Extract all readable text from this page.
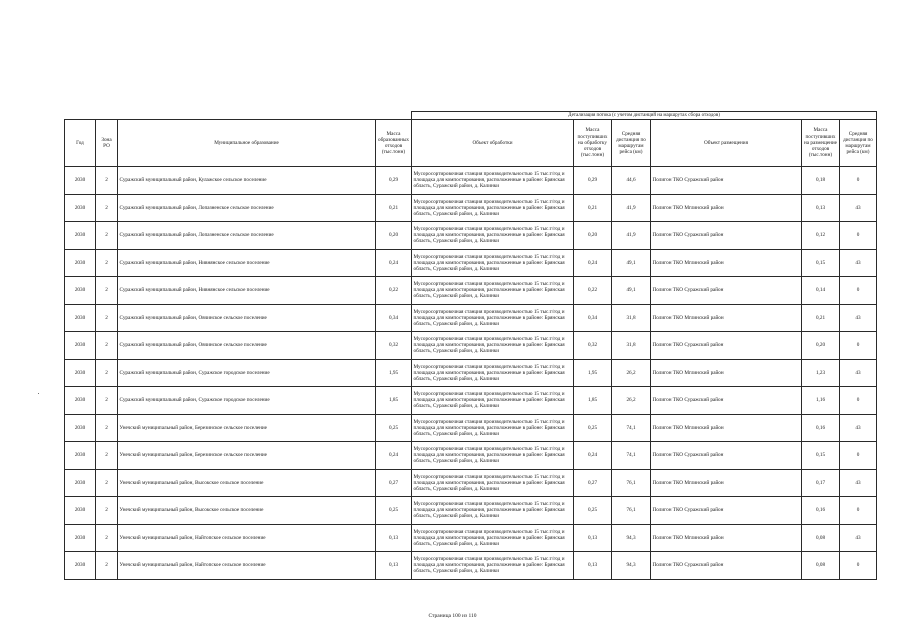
				Детализация потока (с учетом дистанций на маршрутах сбора отходов)					
Год	Зона РО	Муниципальное образование	Масса образованных отходов (тыс.тонн)	Объект обработки	Масса поступивших на обработку отходов (тыс.тонн)	Средняя дистанция по маршрутам рейса (км)	Объект размещения	Масса поступивших на размещение отходов (тыс.тонн)	Средняя дистанция по маршрутам рейса (км)
2030	2	Суражский муниципальный район, Кулажское сельское поселение	0,29	Мусоросортировочная станция производительностью 15 тыс.т/год и площадка для компостирования, расположенные в районе: Брянская область, Суражский район, д. Калинки	0,29	44,6	Полигон ТКО Суражский район	0,18	0
2030	2	Суражский муниципальный район, Лопазненское сельское поселение	0,21	Мусоросортировочная станция производительностью 15 тыс.т/год и площадка для компостирования, расположенные в районе: Брянская область, Суражский район, д. Калинки	0,21	41,9	Полигон ТКО Мглинский район	0,13	43
2030	2	Суражский муниципальный район, Лопазненское сельское поселение	0,20	Мусоросортировочная станция производительностью 15 тыс.т/год и площадка для компостирования, расположенные в районе: Брянская область, Суражский район, д. Калинки	0,20	41,9	Полигон ТКО Суражский район	0,12	0
2030	2	Суражский муниципальный район, Нивнянское сельское поселение	0,24	Мусоросортировочная станция производительностью 15 тыс.т/год и площадка для компостирования, расположенные в районе: Брянская область, Суражский район, д. Калинки	0,24	49,1	Полигон ТКО Мглинский район	0,15	43
2030	2	Суражский муниципальный район, Нивнянское сельское поселение	0,22	Мусоросортировочная станция производительностью 15 тыс.т/год и площадка для компостирования, расположенные в районе: Брянская область, Суражский район, д. Калинки	0,22	49,1	Полигон ТКО Суражский район	0,14	0
2030	2	Суражский муниципальный район, Овчинское сельское поселение	0,34	Мусоросортировочная станция производительностью 15 тыс.т/год и площадка для компостирования, расположенные в районе: Брянская область, Суражский район, д. Калинки	0,34	31,8	Полигон ТКО Мглинский район	0,21	43
2030	2	Суражский муниципальный район, Овчинское сельское поселение	0,32	Мусоросортировочная станция производительностью 15 тыс.т/год и площадка для компостирования, расположенные в районе: Брянская область, Суражский район, д. Калинки	0,32	31,8	Полигон ТКО Суражский район	0,20	0
2030	2	Суражский муниципальный район, Суражское городское поселение	1,95	Мусоросортировочная станция производительностью 15 тыс.т/год и площадка для компостирования, расположенные в районе: Брянская область, Суражский район, д. Калинки	1,95	26,2	Полигон ТКО Мглинский район	1,23	43
2030	2	Суражский муниципальный район, Суражское городское поселение	1,85	Мусоросортировочная станция производительностью 15 тыс.т/год и площадка для компостирования, расположенные в районе: Брянская область, Суражский район, д. Калинки	1,85	26,2	Полигон ТКО Суражский район	1,16	0
2030	2	Унечский муниципальный район, Березинское сельское поселение	0,25	Мусоросортировочная станция производительностью 15 тыс.т/год и площадка для компостирования, расположенные в районе: Брянская область, Суражский район, д. Калинки	0,25	74,1	Полигон ТКО Мглинский район	0,16	43
2030	2	Унечский муниципальный район, Березинское сельское поселение	0,24	Мусоросортировочная станция производительностью 15 тыс.т/год и площадка для компостирования, расположенные в районе: Брянская область, Суражский район, д. Калинки	0,24	74,1	Полигон ТКО Суражский район	0,15	0
2030	2	Унечский муниципальный район, Высокское сельское поселение	0,27	Мусоросортировочная станция производительностью 15 тыс.т/год и площадка для компостирования, расположенные в районе: Брянская область, Суражский район, д. Калинки	0,27	76,1	Полигон ТКО Мглинский район	0,17	43
2030	2	Унечский муниципальный район, Высокское сельское поселение	0,25	Мусоросортировочная станция производительностью 15 тыс.т/год и площадка для компостирования, расположенные в районе: Брянская область, Суражский район, д. Калинки	0,25	76,1	Полигон ТКО Суражский район	0,16	0
2030	2	Унечский муниципальный район, Найтопское сельское поселение	0,13	Мусоросортировочная станция производительностью 15 тыс.т/год и площадка для компостирования, расположенные в районе: Брянская область, Суражский район, д. Калинки	0,13	94,3	Полигон ТКО Мглинский район	0,08	43
2030	2	Унечский муниципальный район, Найтопское сельское поселение	0,13	Мусоросортировочная станция производительностью 15 тыс.т/год и площадка для компостирования, расположенные в районе: Брянская область, Суражский район, д. Калинки	0,13	94,3	Полигон ТКО Суражский район	0,08	0
Страница 100 из 110
